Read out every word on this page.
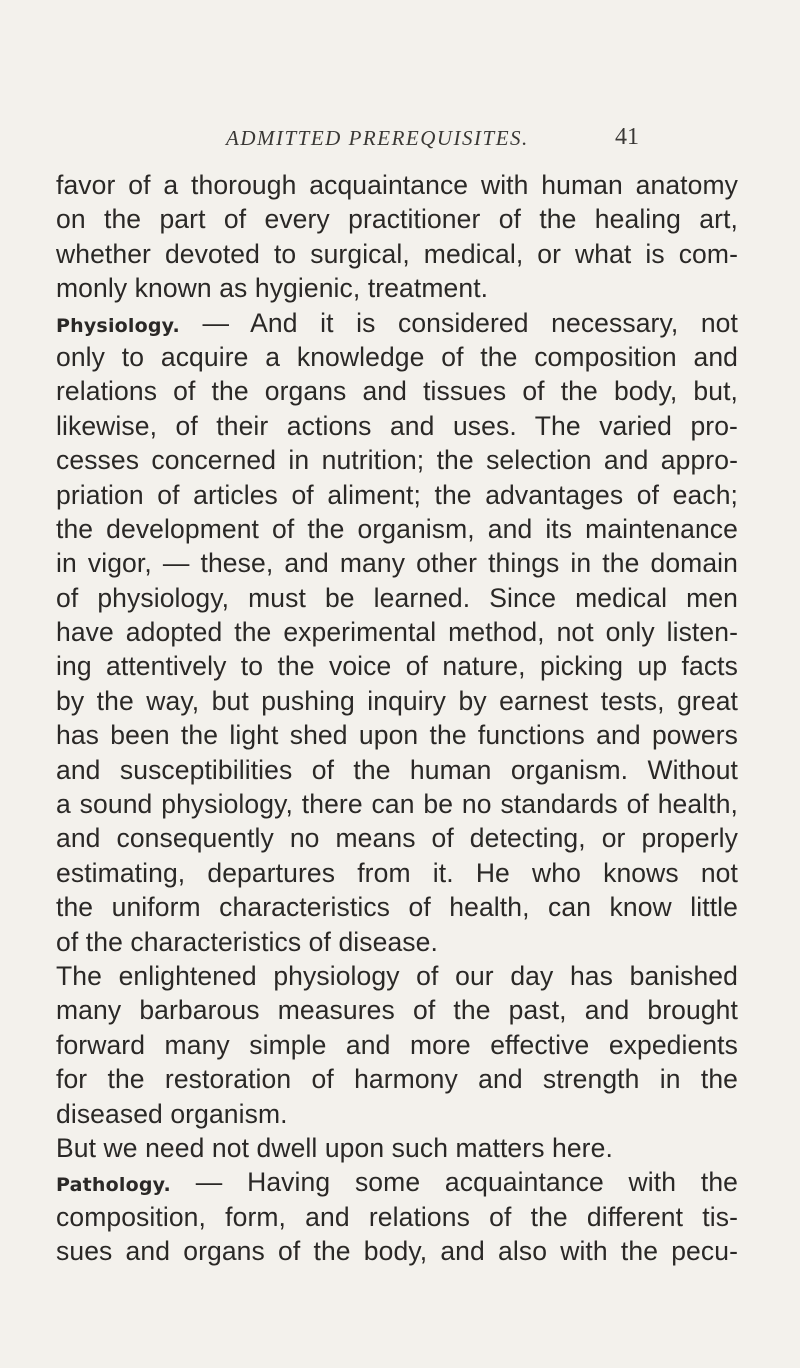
ADMITTED PREREQUISITES.	41
favor of a thorough acquaintance with human anatomy
on the part of every practitioner of the healing art,
whether devoted to surgical, medical, or what is com-
monly known as hygienic, treatment.
Physiology. — And it is considered necessary, not
only to acquire a knowledge of the composition and
relations of the organs and tissues of the body, but,
likewise, of their actions and uses. The varied pro-
cesses concerned in nutrition; the selection and appro-
priation of articles of aliment; the advantages of each;
the development of the organism, and its maintenance
in vigor, — these, and many other things in the domain
of physiology, must be learned. Since medical men
have adopted the experimental method, not only listen-
ing attentively to the voice of nature, picking up facts
by the way, but pushing inquiry by earnest tests, great
has been the light shed upon the functions and powers
and susceptibilities of the human organism. Without
a sound physiology, there can be no standards of health,
and consequently no means of detecting, or properly
estimating, departures from it. He who knows not
the uniform characteristics of health, can know little
of the characteristics of disease.
The enlightened physiology of our day has banished
many barbarous measures of the past, and brought
forward many simple and more effective expedients
for the restoration of harmony and strength in the
diseased organism.
But we need not dwell upon such matters here.
Pathology. — Having some acquaintance with the
composition, form, and relations of the different tis-
sues and organs of the body, and also with the pecu-
